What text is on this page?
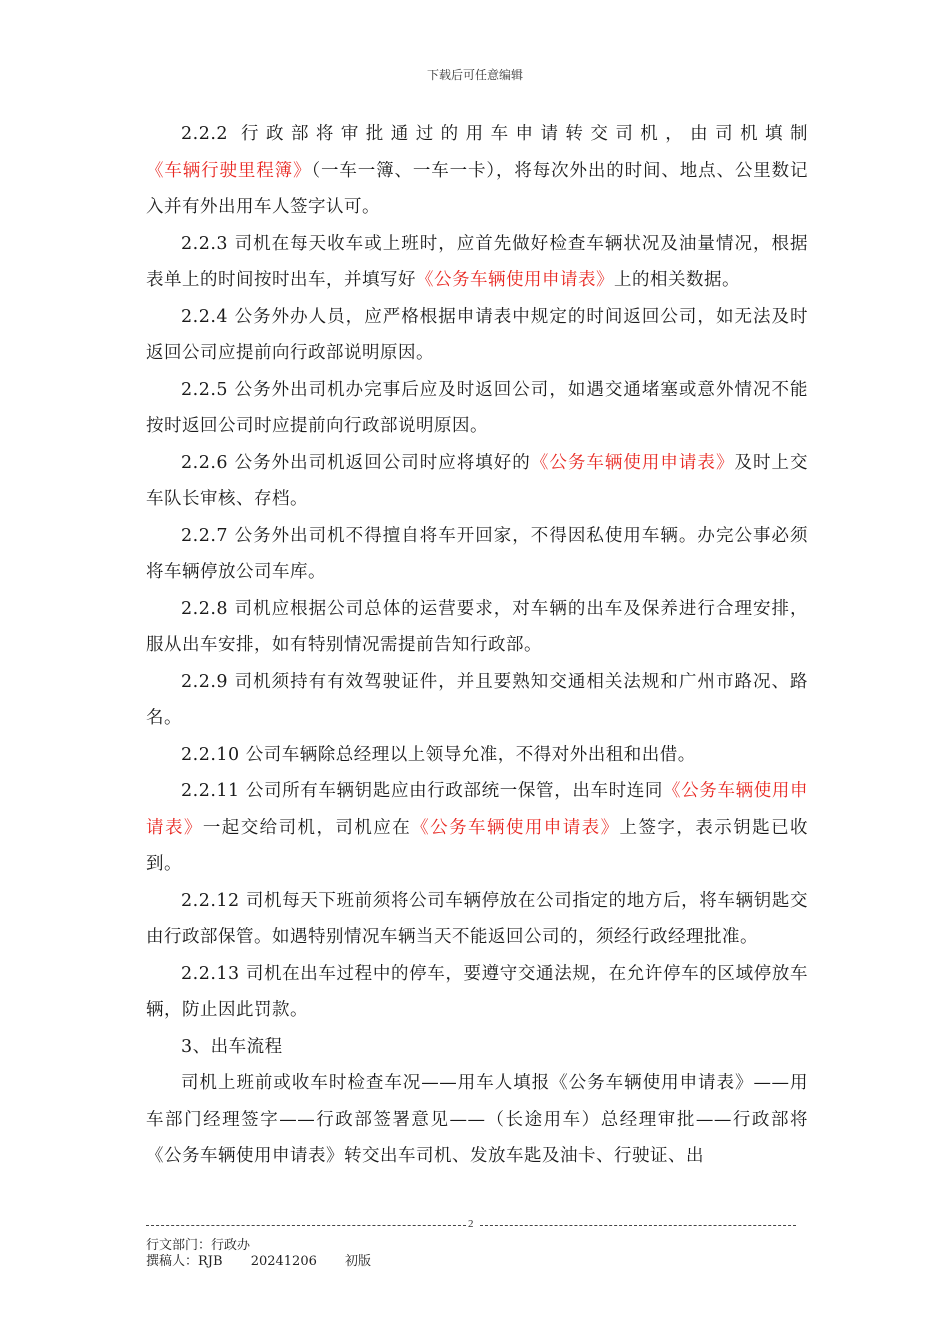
下载后可任意编辑

2.2.2 行政部将审批通过的用车申请转交司机，由司机填制《车辆行驶里程簿》（一车一簿、一车一卡），将每次外出的时间、地点、公里数记入并有外出用车人签字认可。

2.2.3 司机在每天收车或上班时，应首先做好检查车辆状况及油量情况，根据表单上的时间按时出车，并填写好《公务车辆使用申请表》上的相关数据。

2.2.4 公务外办人员，应严格根据申请表中规定的时间返回公司，如无法及时返回公司应提前向行政部说明原因。

2.2.5 公务外出司机办完事后应及时返回公司，如遇交通堵塞或意外情况不能按时返回公司时应提前向行政部说明原因。

2.2.6 公务外出司机返回公司时应将填好的《公务车辆使用申请表》及时上交车队长审核、存档。

2.2.7 公务外出司机不得擅自将车开回家，不得因私使用车辆。办完公事必须将车辆停放公司车库。

2.2.8 司机应根据公司总体的运营要求，对车辆的出车及保养进行合理安排，服从出车安排，如有特别情况需提前告知行政部。

2.2.9 司机须持有有效驾驶证件，并且要熟知交通相关法规和广州市路况、路名。

2.2.10 公司车辆除总经理以上领导允准，不得对外出租和出借。

2.2.11 公司所有车辆钥匙应由行政部统一保管，出车时连同《公务车辆使用申请表》一起交给司机，司机应在《公务车辆使用申请表》上签字，表示钥匙已收到。

2.2.12 司机每天下班前须将公司车辆停放在公司指定的地方后，将车辆钥匙交由行政部保管。如遇特别情况车辆当天不能返回公司的，须经行政经理批准。

2.2.13 司机在出车过程中的停车，要遵守交通法规，在允许停车的区域停放车辆，防止因此罚款。

3、出车流程

司机上班前或收车时检查车况——用车人填报《公务车辆使用申请表》——用车部门经理签字——行政部签署意见——（长途用车）总经理审批——行政部将《公务车辆使用申请表》转交出车司机、发放车匙及油卡、行驶证、出

2
行文部门：行政办
撰稿人：RJB 20241206 初版
